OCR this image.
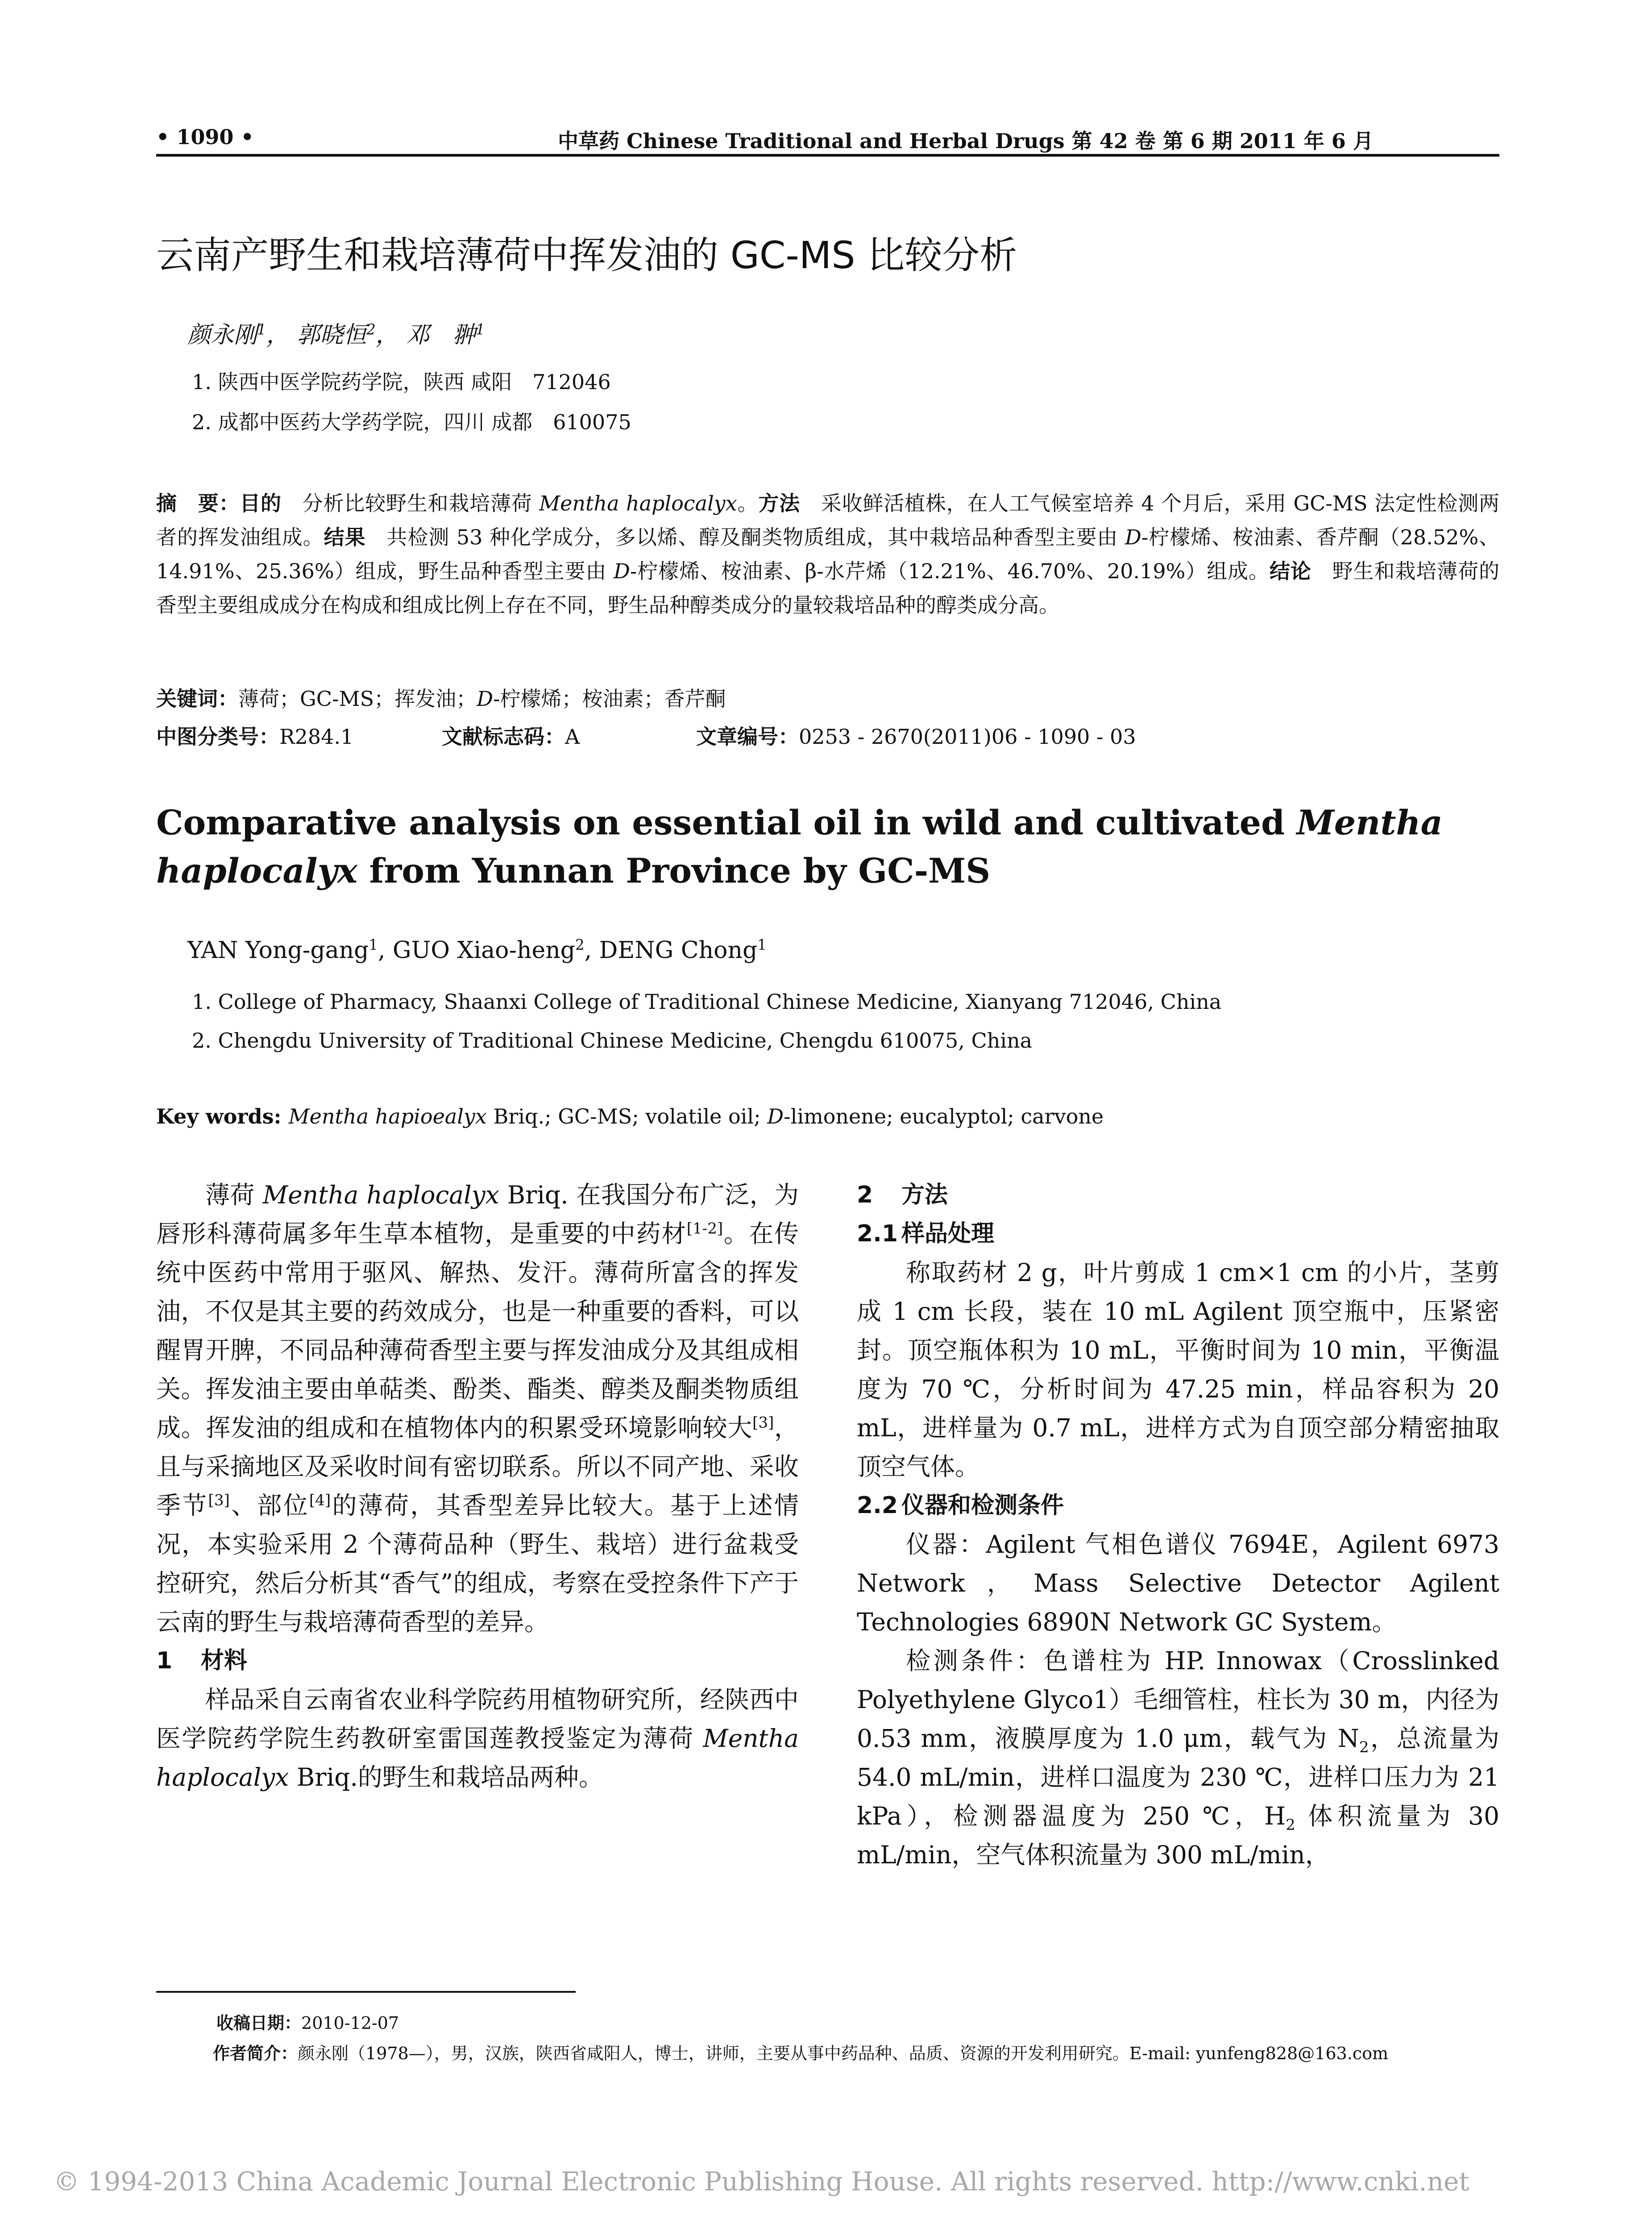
• 1090 •	中草药 Chinese Traditional and Herbal Drugs 第 42 卷 第 6 期 2011 年 6 月
云南产野生和栽培薄荷中挥发油的 GC-MS 比较分析
颜永刚$^1$， 郭晓恒$^2$， 邓　翀$^1$
1. 陕西中医学院药学院，陕西 咸阳　712046
2. 成都中医药大学药学院，四川 成都　610075
摘　要：目的　分析比较野生和栽培薄荷 Mentha haplocalyx。方法　采收鲜活植株，在人工气候室培养 4 个月后，采用 GC-MS 法定性检测两者的挥发油组成。结果　共检测 53 种化学成分，多以烯、醇及酮类物质组成，其中栽培品种香型主要由 D-柠檬烯、桉油素、香芹酮（28.52%、14.91%、25.36%）组成，野生品种香型主要由 D-柠檬烯、桉油素、β-水芹烯（12.21%、46.70%、20.19%）组成。结论　野生和栽培薄荷的香型主要组成成分在构成和组成比例上存在不同，野生品种醇类成分的量较栽培品种的醇类成分高。
关键词：薄荷；GC-MS；挥发油；D-柠檬烯；桉油素；香芹酮
中图分类号：R284.1	文献标志码：A	文章编号：0253 - 2670(2011)06 - 1090 - 03
Comparative analysis on essential oil in wild and cultivated Mentha haplocalyx from Yunnan Province by GC-MS
YAN Yong-gang$^1$, GUO Xiao-heng$^2$, DENG Chong$^1$
1. College of Pharmacy, Shaanxi College of Traditional Chinese Medicine, Xianyang 712046, China
2. Chengdu University of Traditional Chinese Medicine, Chengdu 610075, China
Key words: Mentha hapioealyx Briq.; GC-MS; volatile oil; D-limonene; eucalyptol; carvone

薄荷 Mentha haplocalyx Briq. 在我国分布广泛，为唇形科薄荷属多年生草本植物，是重要的中药材[1-2]。在传统中医药中常用于驱风、解热、发汗。薄荷所富含的挥发油，不仅是其主要的药效成分，也是一种重要的香料，可以醒胃开脾，不同品种薄荷香型主要与挥发油成分及其组成相关。挥发油主要由单萜类、酚类、酯类、醇类及酮类物质组成。挥发油的组成和在植物体内的积累受环境影响较大[3]，且与采摘地区及采收时间有密切联系。所以不同产地、采收季节[3]、部位[4]的薄荷，其香型差异比较大。基于上述情况，本实验采用 2 个薄荷品种（野生、栽培）进行盆栽受控研究，然后分析其“香气”的组成，考察在受控条件下产于云南的野生与栽培薄荷香型的差异。

1 材料

样品采自云南省农业科学院药用植物研究所，经陕西中医学院药学院生药教研室雷国莲教授鉴定为薄荷 Mentha haplocalyx Briq.的野生和栽培品两种。

2 方法
2.1 样品处理

称取药材 2 g，叶片剪成 1 cm×1 cm 的小片，茎剪成 1 cm 长段，装在 10 mL Agilent 顶空瓶中，压紧密封。顶空瓶体积为 10 mL，平衡时间为 10 min，平衡温度为 70 ℃，分析时间为 47.25 min，样品容积为 20 mL，进样量为 0.7 mL，进样方式为自顶空部分精密抽取顶空气体。

2.2 仪器和检测条件

仪器：Agilent 气相色谱仪 7694E，Agilent 6973 Network，Mass Selective Detector Agilent Technologies 6890N Network GC System。

检测条件：色谱柱为 HP. Innowax（Crosslinked Polyethylene Glyco1）毛细管柱，柱长为 30 m，内径为 0.53 mm，液膜厚度为 1.0 μm，载气为 $N_2$，总流量为 54.0 mL/min，进样口温度为 230 ℃，进样口压力为 21 kPa），检测器温度为 250 ℃，$H_2$ 体积流量为 30 mL/min，空气体积流量为 300 mL/min，

收稿日期：2010-12-07
作者简介：颜永刚（1978—），男，汉族，陕西省咸阳人，博士，讲师，主要从事中药品种、品质、资源的开发利用研究。E-mail: yunfeng828@163.com
© 1994-2013 China Academic Journal Electronic Publishing House. All rights reserved. http://www.cnki.net
